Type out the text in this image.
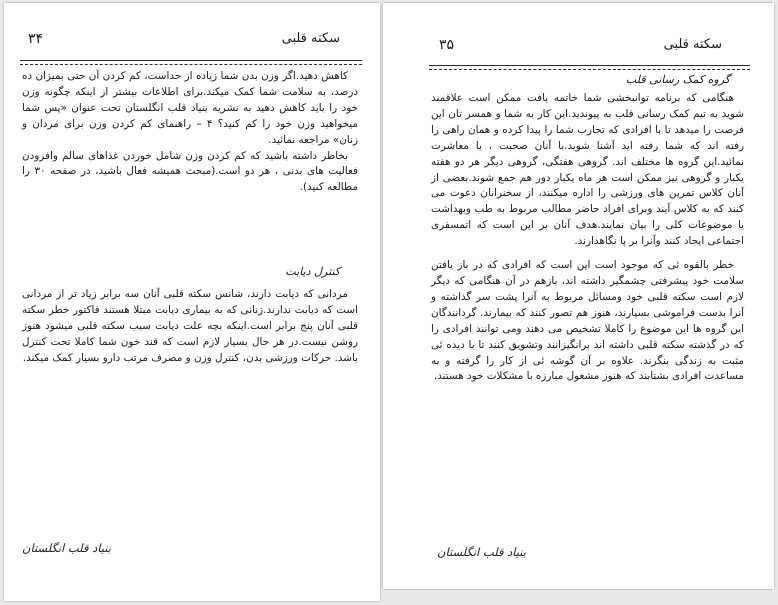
سکته قلبی
۳۴

کاهش دهید.اگر وزن بدن شما زیاده از حداست، کم کردن آن حتی بمیزان ده درصد، به سلامت شما کمک میکند.برای اطلاعات بیشتر از اینکه چگونه وزن خود را باید کاهش دهید به نشریه بنیاد قلب انگلستان تحت عنوان «پس شما میخواهید وزن خود را کم کنید؟ ۴ – راهنمای کم کردن وزن برای مردان و زنان» مراجعه نمائید.

بخاطر داشته باشید که کم کردن وزن شامل خوردن غذاهای سالم وافزودن فعالیت های بدنی ، هر دو است.(مبحث همیشه فعال باشید، در صفحه ۳۰ را مطالعه کنید).

کنترل دیابت

مردانی که دیابت دارند، شانس سکته قلبی آنان سه برابر زیاد تر از مردانی است که دیابت ندارند.زنانی که به بیماری دیابت مبتلا هستند فاکتور خطر سکته قلبی آنان پنج برابر است.اینکه بچه علت دیابت سبب سکته قلبی میشود هنوز روشن نیست.در هر حال بسیار لازم است که قند خون شما کاملا تحت کنترل باشد. حرکات ورزشی بدن، کنترل وزن و مصرف مرتب دارو بسیار کمک میکند.

بنیاد قلب انگلستان
سکته قلبی
۳۵
گروه کمک رسانی قلب

هنگامی که برنامه توانبخشی شما خاتمه یافت ممکن است علاقمند شوید به تیم کمک رسانی قلب به پیوندید.این کار به شما و همسر تان این فرصت را میدهد تا با افرادی که تجارب شما را پیدا کرده و همان راهی را رفته اند که شما رفته اید آشنا شوید.با آنان صحبت ، یا معاشرت نمائید.این گروه ها مختلف اند. گروهی هفتگی، گروهی دیگر هر دو هفته یکبار و گروهی نیز ممکن است هر ماه یکبار دور هم جمع شوند.بعضی از آنان کلاس تمرین های ورزشی را اداره میکنند، از سخنرانان دعوت می کنند که به کلاس آیند وبرای افراد حاضر مطالب مربوط به طب وبهداشت یا موضوعات کلی را بیان نمایند.هدف آنان بر این است که اتمسفری اجتماعی ایجاد کنند وآنرا بر پا نگاهدارند.

خطر بالقوه ئی که موجود است این است که افرادی که در باز یافتن سلامت خود پیشرفتی چشمگیر داشته اند، بازهم در آن هنگامی که دیگر لازم است سکته قلبی خود ومسائل مربوط به آنرا پشت سر گذاشته و آنرا بدست فراموشی بسپارند، هنوز هم تصور کنند که بیمارند. گردانندگان این گروه ها این موضوع را کاملا تشخیص می دهند ومی توانند افرادی را که در گذشته سکته قلبی داشته اند برانگیزانند وتشویق کنند تا با دیده ئی مثبت به زندگی بنگرند. علاوه بر آن گوشه ئی از کار را گرفته و به مساعدت افرادی بشتابند که هنوز مشغول مبارزه با مشکلات خود هستند.

بنیاد قلب انگلستان
